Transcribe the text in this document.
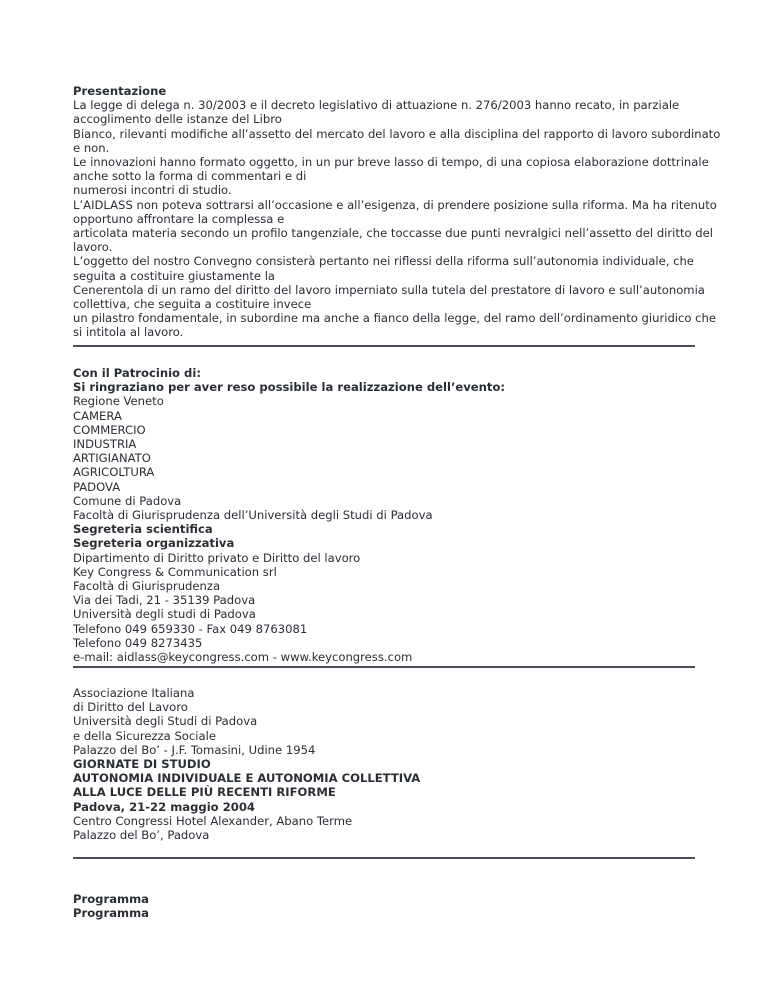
Presentazione
La legge di delega n. 30/2003 e il decreto legislativo di attuazione n. 276/2003 hanno recato, in parziale
accoglimento delle istanze del Libro
Bianco, rilevanti modifiche all’assetto del mercato del lavoro e alla disciplina del rapporto di lavoro subordinato
e non.
Le innovazioni hanno formato oggetto, in un pur breve lasso di tempo, di una copiosa elaborazione dottrinale
anche sotto la forma di commentari e di
numerosi incontri di studio.
L’AIDLASS non poteva sottrarsi all’occasione e all’esigenza, di prendere posizione sulla riforma. Ma ha ritenuto
opportuno affrontare la complessa e
articolata materia secondo un profilo tangenziale, che toccasse due punti nevralgici nell’assetto del diritto del
lavoro.
L’oggetto del nostro Convegno consisterà pertanto nei riflessi della riforma sull’autonomia individuale, che
seguita a costituire giustamente la
Cenerentola di un ramo del diritto del lavoro imperniato sulla tutela del prestatore di lavoro e sull’autonomia
collettiva, che seguita a costituire invece
un pilastro fondamentale, in subordine ma anche a fianco della legge, del ramo dell’ordinamento giuridico che
si intitola al lavoro.
Con il Patrocinio di:
Si ringraziano per aver reso possibile la realizzazione dell’evento:
Regione Veneto
CAMERA
COMMERCIO
INDUSTRIA
ARTIGIANATO
AGRICOLTURA
PADOVA
Comune di Padova
Facoltà di Giurisprudenza dell’Università degli Studi di Padova
Segreteria scientifica
Segreteria organizzativa
Dipartimento di Diritto privato e Diritto del lavoro
Key Congress & Communication srl
Facoltà di Giurisprudenza
Via dei Tadi, 21 - 35139 Padova
Università degli studi di Padova
Telefono 049 659330 - Fax 049 8763081
Telefono 049 8273435
e-mail: aidlass@keycongress.com - www.keycongress.com
Associazione Italiana
di Diritto del Lavoro
Università degli Studi di Padova
e della Sicurezza Sociale
Palazzo del Bo’ - J.F. Tomasini, Udine 1954
GIORNATE DI STUDIO
AUTONOMIA INDIVIDUALE E AUTONOMIA COLLETTIVA
ALLA LUCE DELLE PIÙ RECENTI RIFORME
Padova, 21-22 maggio 2004
Centro Congressi Hotel Alexander, Abano Terme
Palazzo del Bo’, Padova
Programma
Programma
